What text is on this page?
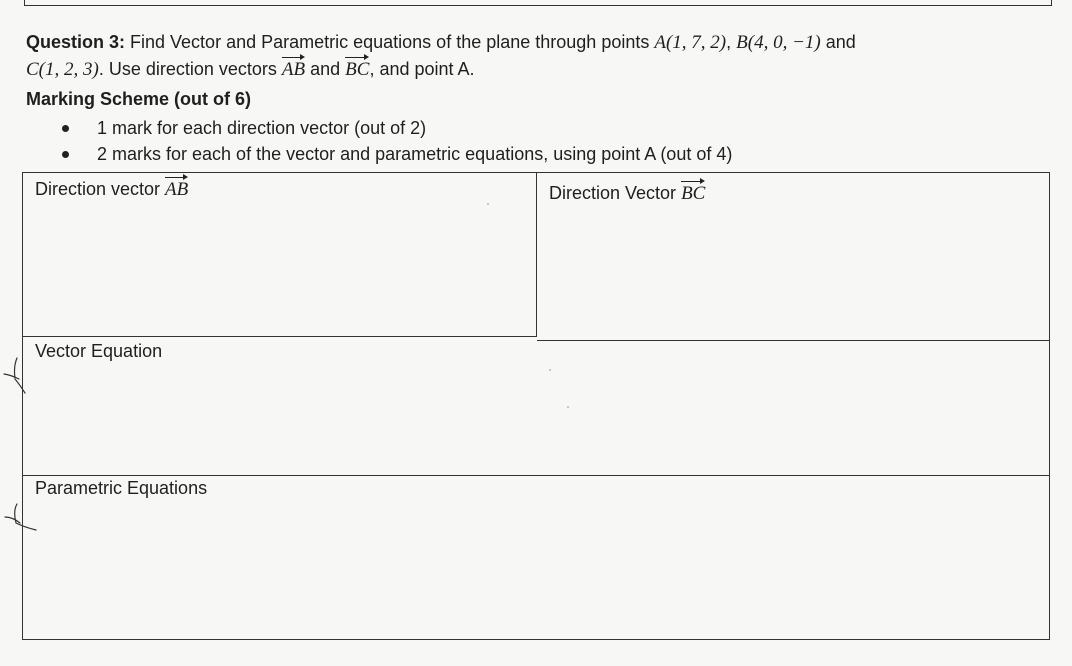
Question 3: Find Vector and Parametric equations of the plane through points A(1, 7, 2), B(4, 0, −1) and
C(1, 2, 3). Use direction vectors AB and BC, and point A.
Marking Scheme (out of 6)
1 mark for each direction vector (out of 2)
2 marks for each of the vector and parametric equations, using point A (out of 4)
Direction vector AB	Direction Vector BC
Vector Equation
Parametric Equations
